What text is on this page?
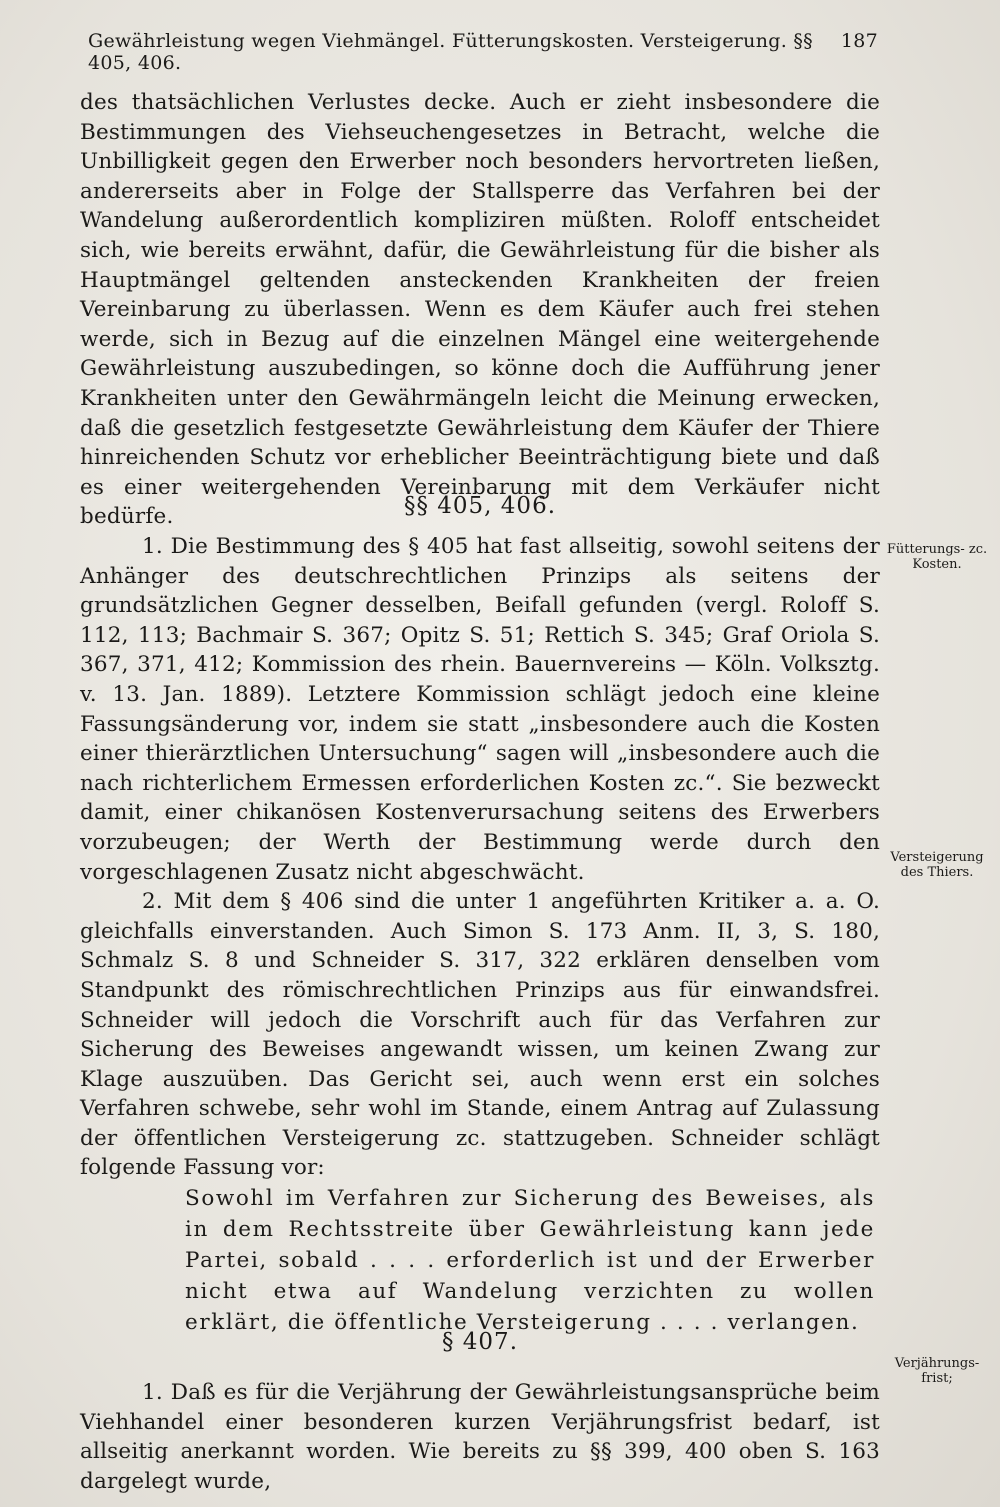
Gewährleistung wegen Viehmängel. Fütterungskosten. Versteigerung. §§ 405, 406.
187

des thatsächlichen Verlustes decke. Auch er zieht insbesondere die Bestimmungen des Viehseuchengesetzes in Betracht, welche die Unbilligkeit gegen den Erwerber noch besonders hervortreten ließen, andererseits aber in Folge der Stallsperre das Verfahren bei der Wandelung außerordentlich kompliziren müßten. Roloff entscheidet sich, wie bereits erwähnt, dafür, die Gewährleistung für die bisher als Hauptmängel geltenden ansteckenden Krankheiten der freien Vereinbarung zu überlassen. Wenn es dem Käufer auch frei stehen werde, sich in Bezug auf die einzelnen Mängel eine weitergehende Gewährleistung auszubedingen, so könne doch die Aufführung jener Krankheiten unter den Gewährmängeln leicht die Meinung erwecken, daß die gesetzlich festgesetzte Gewährleistung dem Käufer der Thiere hinreichenden Schutz vor erheblicher Beeinträchtigung biete und daß es einer weitergehenden Vereinbarung mit dem Verkäufer nicht bedürfe.	§§ 405, 406.

1. Die Bestimmung des § 405 hat fast allseitig, sowohl seitens der Anhänger des deutschrechtlichen Prinzips als seitens der grundsätzlichen Gegner desselben, Beifall gefunden (vergl. Roloff S. 112, 113; Bachmair S. 367; Opitz S. 51; Rettich S. 345; Graf Oriola S. 367, 371, 412; Kommission des rhein. Bauernvereins — Köln. Volksztg. v. 13. Jan. 1889). Letztere Kommission schlägt jedoch eine kleine Fassungsänderung vor, indem sie statt „insbesondere auch die Kosten einer thierärztlichen Untersuchung“ sagen will „insbesondere auch die nach richterlichem Ermessen erforderlichen Kosten zc.“. Sie bezweckt damit, einer chikanösen Kostenverursachung seitens des Erwerbers vorzubeugen; der Werth der Bestimmung werde durch den vorgeschlagenen Zusatz nicht abgeschwächt.

2. Mit dem § 406 sind die unter 1 angeführten Kritiker a. a. O. gleichfalls einverstanden. Auch Simon S. 173 Anm. II, 3, S. 180, Schmalz S. 8 und Schneider S. 317, 322 erklären denselben vom Standpunkt des römischrechtlichen Prinzips aus für einwandsfrei. Schneider will jedoch die Vorschrift auch für das Verfahren zur Sicherung des Beweises angewandt wissen, um keinen Zwang zur Klage auszuüben. Das Gericht sei, auch wenn erst ein solches Verfahren schwebe, sehr wohl im Stande, einem Antrag auf Zulassung der öffentlichen Versteigerung zc. stattzugeben. Schneider schlägt folgende Fassung vor:

Sowohl im Verfahren zur Sicherung des Beweises, als in dem Rechtsstreite über Gewährleistung kann jede Partei, sobald . . . . erforderlich ist und der Erwerber nicht etwa auf Wandelung verzichten zu wollen erklärt, die öffentliche Versteigerung . . . . verlangen.

§ 407.

1. Daß es für die Verjährung der Gewährleistungsansprüche beim Viehhandel einer besonderen kurzen Verjährungsfrist bedarf, ist allseitig anerkannt worden. Wie bereits zu §§ 399, 400 oben S. 163 dargelegt wurde,

Fütterungs- zc. Kosten.
Versteigerung des Thiers.
Verjährungs- frist;
